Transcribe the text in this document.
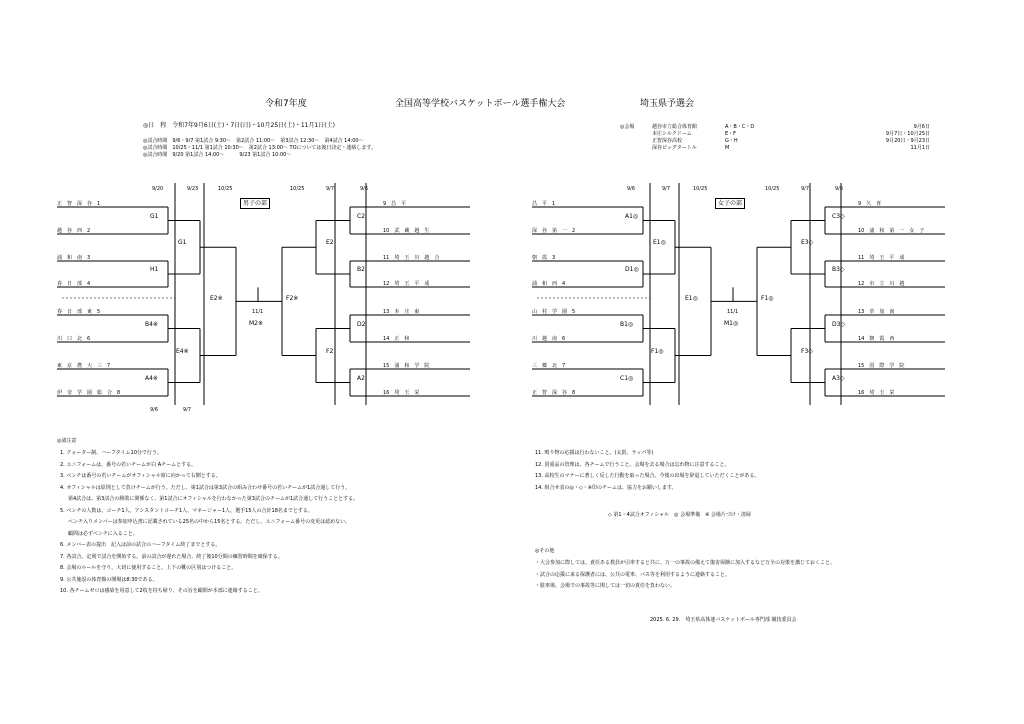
令和7年度	全国高等学校バスケットボール選手権大会	埼玉県予選会
◎日　程　令和7年9月6日(土)・7日(日)・10月25日(土)・11月1日(土)
◎試合時間　9/6・9/7 第1試合 9:30～　第2試合 11:00～　第3試合 12:30～　第4試合 14:00～
◎試合時間　10/25・11/1 第1試合 10:30～　第2試合 13:00～ TOについては後日決定・連絡します。
◎試合時間　9/20 第1試合 14:00～　　　9/23 第1試合 10:00～
◎会場	越谷市立総合体育館	A・B・C・D	9月6日
本庄シルクドーム	E・F	9月7日・10月25日
正智深谷高校	G・H	9月20日・9月23日
深谷ビッグタートル	M	11月1日
9/20	9/23	10/25	10/25	9/7	9/6
9/6	9/7
男子の部
正　智　深　谷　1
越　谷　西　2
浦　和　南　3
春　日　部　4
春　日　部　東　5
川　口　北　6
東　京　農　大　三　7
伊　奈　学　園　総　合　8
9　昌　平
10　武　蔵　越　生
11　埼　玉　川　越　合
12　埼　玉　平　成
13　本　庄　東
14　正　和
15　浦　和　学　院
16　埼　玉　栄
G1
H1
B4※
A4※
G1
E4※
E2※
C2
B2
D2
A2
E2
F2
F2※
11/1
M2※
9/6	9/7	10/25	10/25	9/7	9/6
女子の部
昌　平　1
深　谷　第　一　2
朝　霞　3
浦　和　西　4
山　村　学　園　5
川　越　南　6
三　郷　北　7
正　智　深　谷　8
9　久　喜
10　浦　和　第　一　女　子
11　埼　玉　平　成
12　市　立　川　越
13　草　加　南
14　朝　霞　西
15　国　際　学　院
16　埼　玉　栄
A1◎
D1◎
B1◎
C1◎
E1◎
F1◎
E1◎
C3◇
B3◇
D3◇
A3◇
E3◇
F3◇
F1◎
11/1
M1◎
◎諸注意
1. クォーター制、ハーフタイム10分で行う。
2. ユニフォームは、番号の若いチームが白 Aチームとする。
3. ベンチは番号の若いチームがオフィシャル席に向かって右側とする。
4. オフィシャルは原則として負けチームが行う。ただし、第1試合は第3試合の組み合わせ番号の若いチームが1試合通して行う。
第4試合は、第3試合の勝敗に関係なく、第1試合にオフィシャルを行わなかった第3試合のチームが1試合通して行うこととする。
5. ベンチの人数は、コーチ1人、アシスタントコーチ1人、マネージャー1人、選手15人の合計18名までとする。
ベンチ入りメンバーは参加申込書に記載されている25名の中から15名とする。ただし、ユニフォーム番号の変更は認めない。
顧問は必ずベンチに入ること。
6. メンバー表の提出　記入は前の試合のハーフタイム終了までとする。
7. 各試合、定刻で試合を開始する。前の試合が遅れた場合、終了後10分間の練習時間を確保する。
8. 会場のルールを守り、大切に使用すること。上下の靴の区別はつけること。
9. 公共施設の体育館の開場は8:30である。
10. 各チームゼロは感染を用意して2枚を持ち帰り、その旨を顧問が本部に連絡すること。
11. 鳴り物の応援は行わないこと。(太鼓、ラッパ等)
12. 貴重品の管理は、各チームで行うこと。会場を去る場合は忘れ物に注意すること。
13. 高校生のマナーに著しく反した行動を取った場合、今後の出場を辞退していただくことがある。
14. 組合せ表の◎・◇・※印のチームは、協力をお願いします。
◇ 第1・4試合オフィシャル　◎ 会場準備　※ 会場片づけ・清掃
◎その他
・大会参加に際しては、責任ある教員が引率すると共に、万一の事故の備えて傷害保険に加入するなど万全の対策を講じておくこと。
・試合の応援に来る保護者には、公共の電車、バス等を利用するように連絡すること。
・駐車場、会場での事故等に関しては一切の責任を負わない。
2025. 6. 29.　埼玉県高体連バスケットボール専門部 競技委員会
